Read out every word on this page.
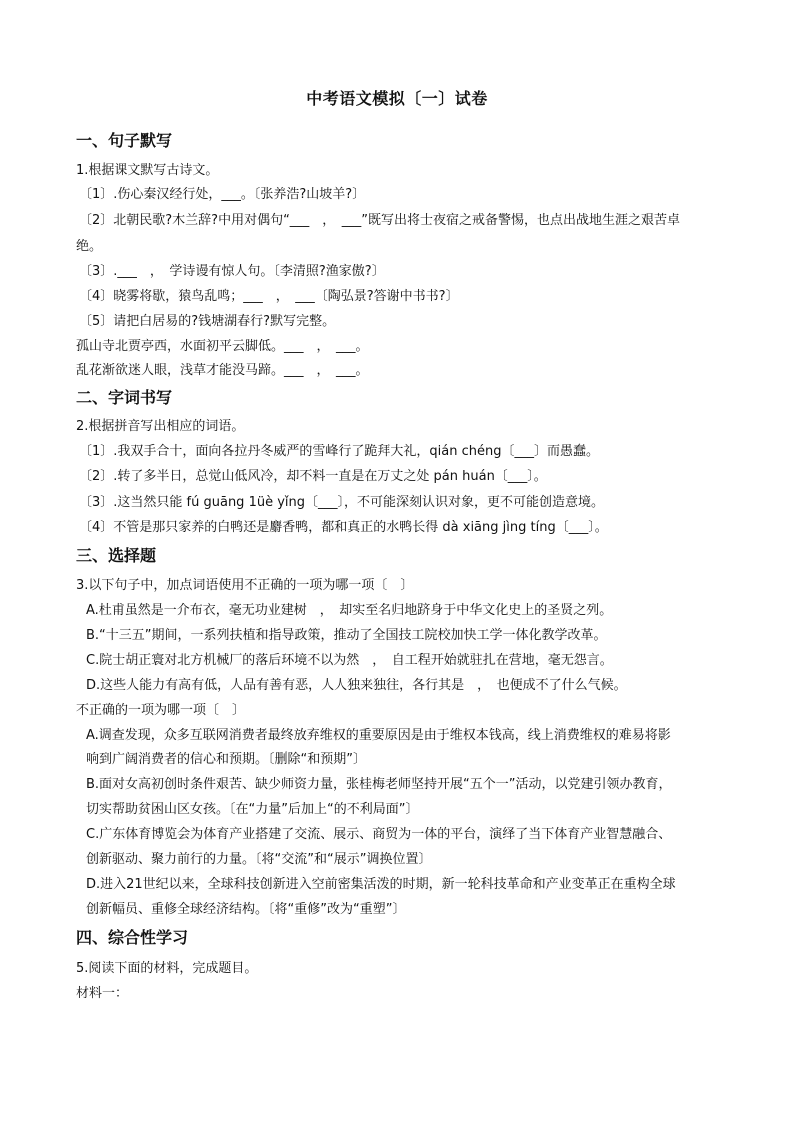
中考语文模拟〔一〕试卷
一、句子默写
1.根据课文默写古诗文。
〔1〕.伤心秦汉经行处，___。〔张养浩?山坡羊?〕
〔2〕北朝民歌?木兰辞?中用对偶句“___　，　___”既写出将士夜宿之戒备警惕，也点出战地生涯之艰苦卓
绝。
〔3〕.___　，　学诗谩有惊人句。〔李清照?渔家傲?〕
〔4〕晓雾将歇，猿鸟乱鸣；___　，　___〔陶弘景?答谢中书书?〕
〔5〕请把白居易的?钱塘湖春行?默写完整。
孤山寺北贾亭西，水面初平云脚低。___　，　___。
乱花渐欲迷人眼，浅草才能没马蹄。___　，　___。
二、字词书写
2.根据拼音写出相应的词语。
〔1〕.我双手合十，面向各拉丹冬威严的雪峰行了跪拜大礼，qián chéng〔___〕而愚蠢。
〔2〕.转了多半日，总觉山低风冷，却不料一直是在万丈之处 pán huán〔___〕。
〔3〕.这当然只能 fú guāng 1üè yǐng〔___〕，不可能深刻认识对象，更不可能创造意境。
〔4〕不管是那只家养的白鸭还是麝香鸭，都和真正的水鸭长得 dà xiāng jìng tíng〔___〕。
三、选择题
3.以下句子中，加点词语使用不正确的一项为哪一项〔　〕
A.杜甫虽然是一介布衣，毫无功业建树　，　却实至名归地跻身于中华文化史上的圣贤之列。
B.“十三五”期间，一系列扶植和指导政策，推动了全国技工院校加快工学一体化教学改革。
C.院士胡正寰对北方机械厂的落后环境不以为然　，　自工程开始就驻扎在营地，毫无怨言。
D.这些人能力有高有低，人品有善有恶，人人独来独往，各行其是　，　也便成不了什么气候。
不正确的一项为哪一项〔　〕
A.调查发现，众多互联网消费者最终放弃维权的重要原因是由于维权本钱高，线上消费维权的难易将影
响到广阔消费者的信心和预期。〔删除“和预期”〕
B.面对女高初创时条件艰苦、缺少师资力量，张桂梅老师坚持开展“五个一”活动，以党建引领办教育，
切实帮助贫困山区女孩。〔在“力量”后加上“的不利局面”〕
C.广东体育博览会为体育产业搭建了交流、展示、商贸为一体的平台，演绎了当下体育产业智慧融合、
创新驱动、聚力前行的力量。〔将“交流”和“展示”调换位置〕
D.进入21世纪以来，全球科技创新进入空前密集活泼的时期，新一轮科技革命和产业变革正在重构全球
创新幅员、重修全球经济结构。〔将“重修”改为“重塑”〕
四、综合性学习
5.阅读下面的材料，完成题目。
材料一：
